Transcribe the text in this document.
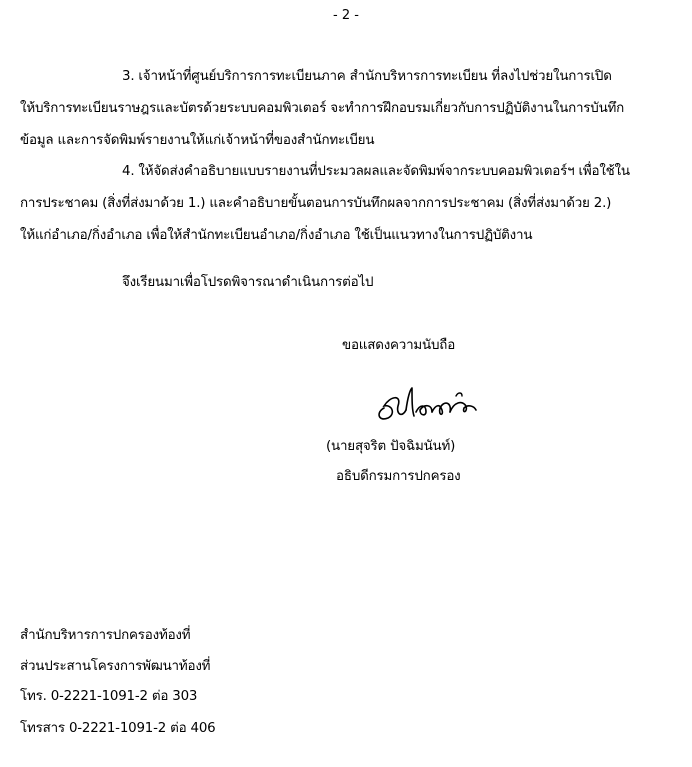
- 2 -
3. เจ้าหน้าที่ศูนย์บริการการทะเบียนภาค สำนักบริหารการทะเบียน ที่ลงไปช่วยในการเปิด
ให้บริการทะเบียนราษฎรและบัตรด้วยระบบคอมพิวเตอร์ จะทำการฝึกอบรมเกี่ยวกับการปฏิบัติงานในการบันทึก
ข้อมูล และการจัดพิมพ์รายงานให้แก่เจ้าหน้าที่ของสำนักทะเบียน
4. ให้จัดส่งคำอธิบายแบบรายงานที่ประมวลผลและจัดพิมพ์จากระบบคอมพิวเตอร์ฯ เพื่อใช้ใน
การประชาคม (สิ่งที่ส่งมาด้วย 1.) และคำอธิบายขั้นตอนการบันทึกผลจากการประชาคม (สิ่งที่ส่งมาด้วย 2.)
ให้แก่อำเภอ/กิ่งอำเภอ เพื่อให้สำนักทะเบียนอำเภอ/กิ่งอำเภอ ใช้เป็นแนวทางในการปฏิบัติงาน
จึงเรียนมาเพื่อโปรดพิจารณาดำเนินการต่อไป
ขอแสดงความนับถือ
(นายสุจริต ปัจฉิมนันท์)
อธิบดีกรมการปกครอง
สำนักบริหารการปกครองท้องที่
ส่วนประสานโครงการพัฒนาท้องที่
โทร. 0-2221-1091-2 ต่อ 303
โทรสาร 0-2221-1091-2 ต่อ 406
